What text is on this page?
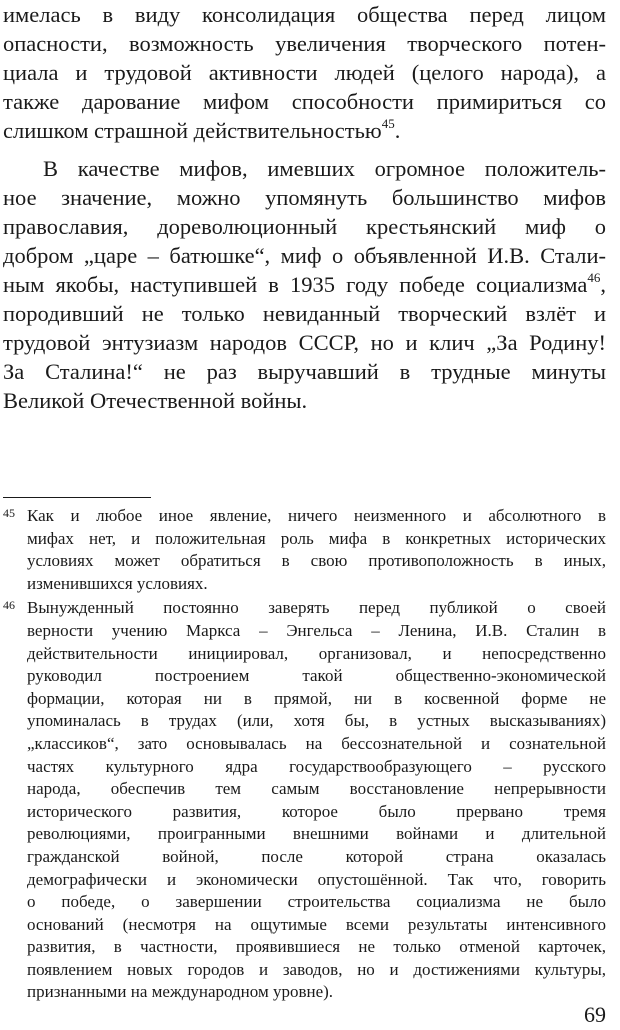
имелась в виду консолидация общества перед лицом
опасности, возможность увеличения творческого потен-
циала и трудовой активности людей (целого народа), а
также дарование мифом способности примириться со
слишком страшной действительностью$^{45}$.
В качестве мифов, имевших огромное положитель-
ное значение, можно упомянуть большинство мифов
православия, дореволюционный крестьянский миф о
добром „царе – батюшке“, миф о объявленной И.В. Стали-
ным якобы, наступившей в 1935 году победе социализма$^{46}$,
породивший не только невиданный творческий взлёт и
трудовой энтузиазм народов СССР, но и клич „За Родину!
За Сталина!“ не раз выручавший в трудные минуты
Великой Отечественной войны.
45 Как и любое иное явление, ничего неизменного и абсолютного в
мифах нет, и положительная роль мифа в конкретных исторических
условиях может обратиться в свою противоположность в иных,
изменившихся условиях.
46 Вынужденный постоянно заверять перед публикой о своей
верности учению Маркса – Энгельса – Ленина, И.В. Сталин в
действительности инициировал, организовал, и непосредственно
руководил построением такой общественно-экономической
формации, которая ни в прямой, ни в косвенной форме не
упоминалась в трудах (или, хотя бы, в устных высказываниях)
„классиков“, зато основывалась на бессознательной и сознательной
частях культурного ядра государствообразующего – русского
народа, обеспечив тем самым восстановление непрерывности
исторического развития, которое было прервано тремя
революциями, проигранными внешними войнами и длительной
гражданской войной, после которой страна оказалась
демографически и экономически опустошённой. Так что, говорить
о победе, о завершении строительства социализма не было
оснований (несмотря на ощутимые всеми результаты интенсивного
развития, в частности, проявившиеся не только отменой карточек,
появлением новых городов и заводов, но и достижениями культуры,
признанными на международном уровне).
69
